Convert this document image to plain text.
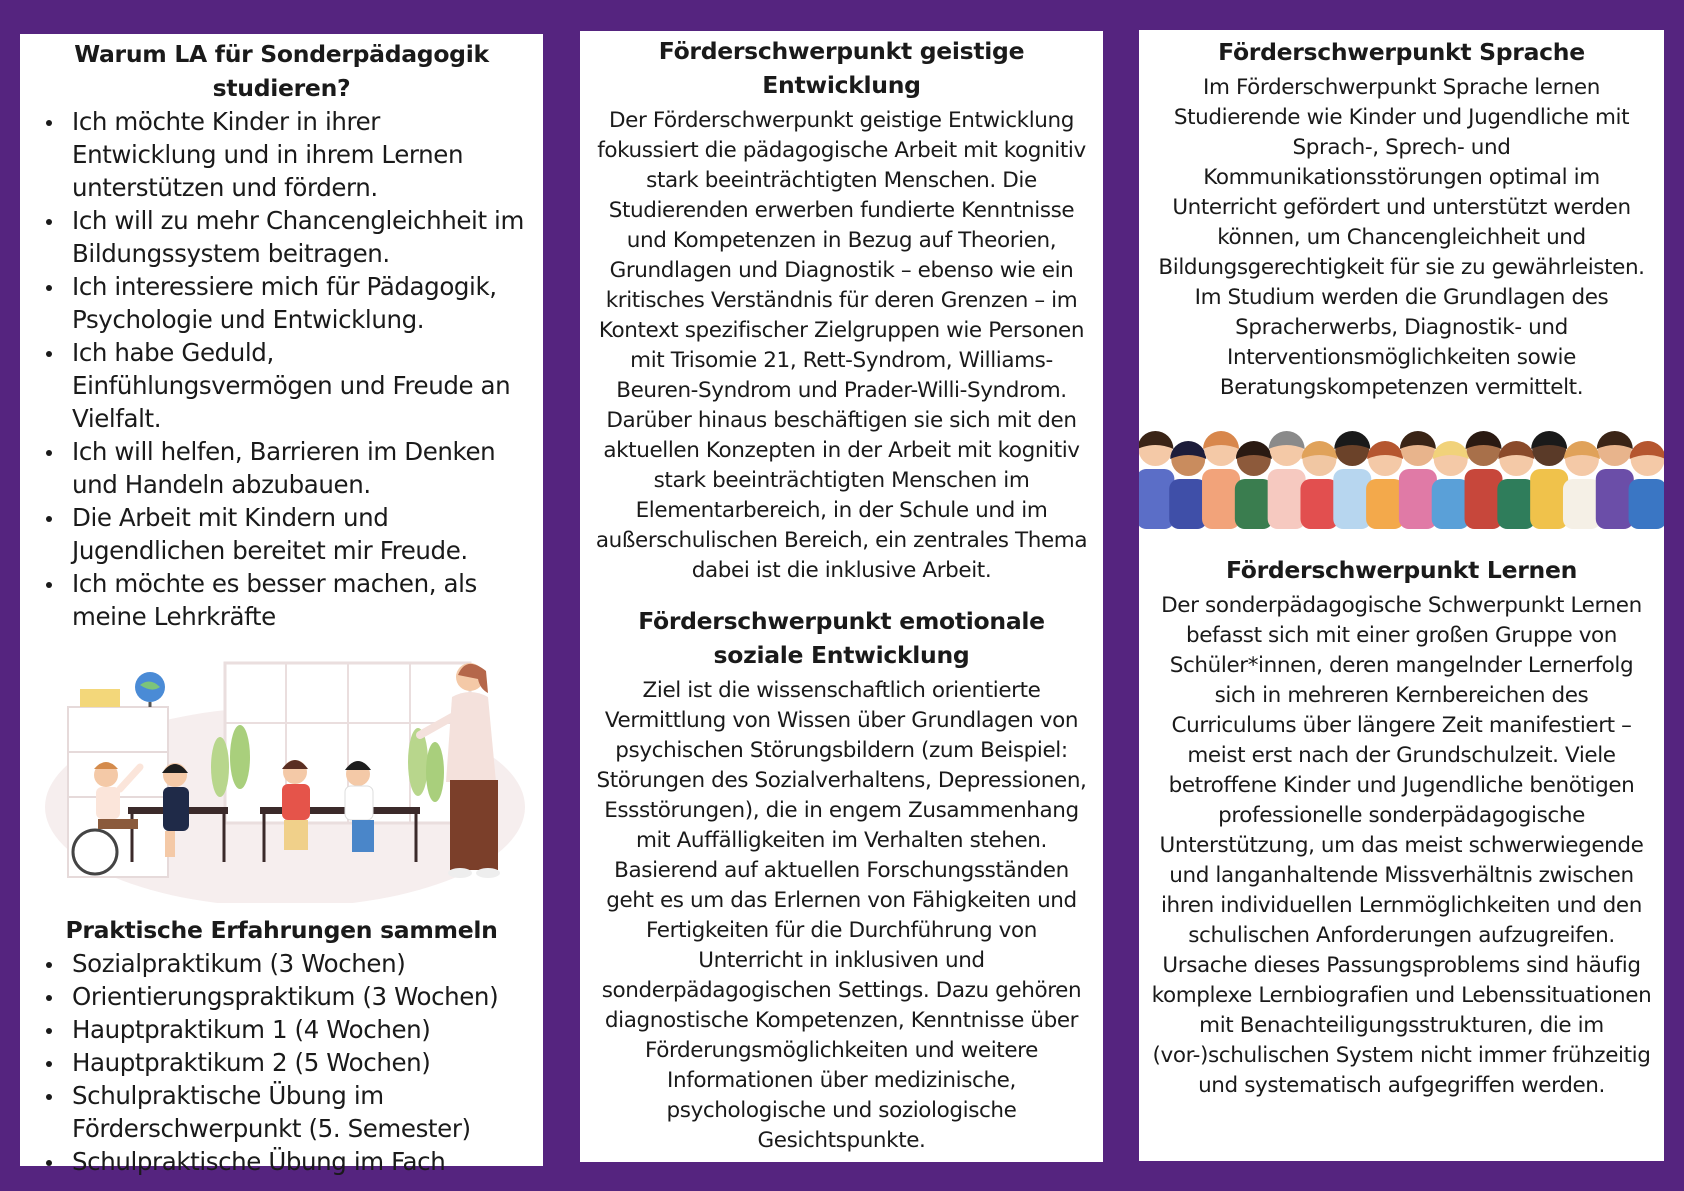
Warum LA für Sonderpädagogik studieren?
Ich möchte Kinder in ihrer Entwicklung und in ihrem Lernen unterstützen und fördern.
Ich will zu mehr Chancengleichheit im Bildungssystem beitragen.
Ich interessiere mich für Pädagogik, Psychologie und Entwicklung.
Ich habe Geduld, Einfühlungsvermögen und Freude an Vielfalt.
Ich will helfen, Barrieren im Denken und Handeln abzubauen.
Die Arbeit mit Kindern und Jugendlichen bereitet mir Freude.
Ich möchte es besser machen, als meine Lehrkräfte
Praktische Erfahrungen sammeln
Sozialpraktikum (3 Wochen)
Orientierungspraktikum (3 Wochen)
Hauptpraktikum 1 (4 Wochen)
Hauptpraktikum 2 (5 Wochen)
Schulpraktische Übung im Förderschwerpunkt (5. Semester)
Schulpraktische Übung im Fach
Förderschwerpunkt geistige Entwicklung

Der Förderschwerpunkt geistige Entwicklung fokussiert die pädagogische Arbeit mit kognitiv stark beeinträchtigten Menschen. Die Studierenden erwerben fundierte Kenntnisse und Kompetenzen in Bezug auf Theorien, Grundlagen und Diagnostik – ebenso wie ein kritisches Verständnis für deren Grenzen – im Kontext spezifischer Zielgruppen wie Personen mit Trisomie 21, Rett-Syndrom, Williams-Beuren-Syndrom und Prader-Willi-Syndrom. Darüber hinaus beschäftigen sie sich mit den aktuellen Konzepten in der Arbeit mit kognitiv stark beeinträchtigten Menschen im Elementarbereich, in der Schule und im außerschulischen Bereich, ein zentrales Thema dabei ist die inklusive Arbeit.

Förderschwerpunkt emotionale soziale Entwicklung

Ziel ist die wissenschaftlich orientierte Vermittlung von Wissen über Grundlagen von psychischen Störungsbildern (zum Beispiel: Störungen des Sozialverhaltens, Depressionen, Essstörungen), die in engem Zusammenhang mit Auffälligkeiten im Verhalten stehen. Basierend auf aktuellen Forschungsständen geht es um das Erlernen von Fähigkeiten und Fertigkeiten für die Durchführung von Unterricht in inklusiven und sonderpädagogischen Settings. Dazu gehören diagnostische Kompetenzen, Kenntnisse über Förderungsmöglichkeiten und weitere Informationen über medizinische, psychologische und soziologische Gesichtspunkte.

Förderschwerpunkt Sprache

Im Förderschwerpunkt Sprache lernen Studierende wie Kinder und Jugendliche mit Sprach-, Sprech- und Kommunikationsstörungen optimal im Unterricht gefördert und unterstützt werden können, um Chancengleichheit und Bildungsgerechtigkeit für sie zu gewährleisten. Im Studium werden die Grundlagen des Spracherwerbs, Diagnostik- und Interventionsmöglichkeiten sowie Beratungskompetenzen vermittelt.

Förderschwerpunkt Lernen

Der sonderpädagogische Schwerpunkt Lernen befasst sich mit einer großen Gruppe von Schüler*innen, deren mangelnder Lernerfolg sich in mehreren Kernbereichen des Curriculums über längere Zeit manifestiert – meist erst nach der Grundschulzeit. Viele betroffene Kinder und Jugendliche benötigen professionelle sonderpädagogische Unterstützung, um das meist schwerwiegende und langanhaltende Missverhältnis zwischen ihren individuellen Lernmöglichkeiten und den schulischen Anforderungen aufzugreifen. Ursache dieses Passungsproblems sind häufig komplexe Lernbiografien und Lebenssituationen mit Benachteiligungsstrukturen, die im (vor-)schulischen System nicht immer frühzeitig und systematisch aufgegriffen werden.
